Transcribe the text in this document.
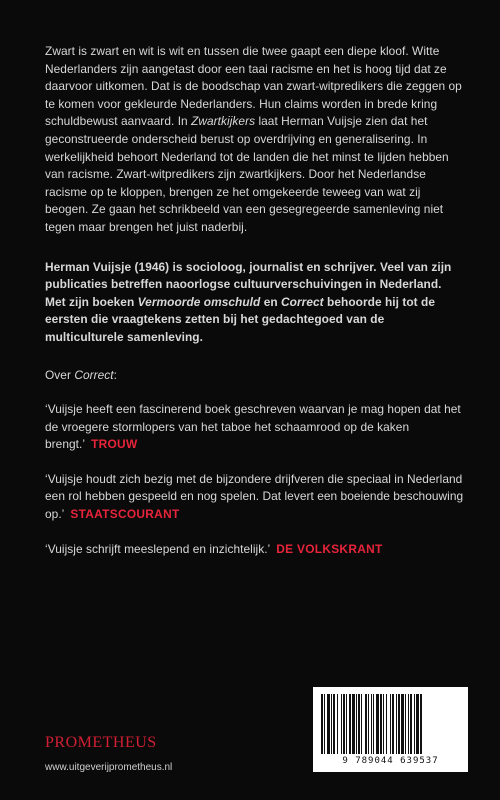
Zwart is zwart en wit is wit en tussen die twee gaapt een diepe kloof. Witte Nederlanders zijn aangetast door een taai racisme en het is hoog tijd dat ze daarvoor uitkomen. Dat is de boodschap van zwart-witpredikers die zeggen op te komen voor gekleurde Nederlanders. Hun claims worden in brede kring schuldbewust aanvaard. In Zwartkijkers laat Herman Vuijsje zien dat het geconstrueerde onderscheid berust op overdrijving en generalisering. In werkelijkheid behoort Nederland tot de landen die het minst te lijden hebben van racisme. Zwart-witpredikers zijn zwartkijkers. Door het Nederlandse racisme op te kloppen, brengen ze het omgekeerde teweeg van wat zij beogen. Ze gaan het schrikbeeld van een gesegregeerde samenleving niet tegen maar brengen het juist naderbij.

Herman Vuijsje (1946) is socioloog, journalist en schrijver. Veel van zijn publicaties betreffen naoorlogse cultuurverschuivingen in Nederland. Met zijn boeken Vermoorde omschuld en Correct behoorde hij tot de eersten die vraagtekens zetten bij het gedachtegoed van de multiculturele samenleving.

Over Correct:

‘Vuijsje heeft een fascinerend boek geschreven waarvan je mag hopen dat het de vroegere stormlopers van het taboe het schaamrood op de kaken brengt.’ TROUW

‘Vuijsje houdt zich bezig met de bijzondere drijfveren die speciaal in Nederland een rol hebben gespeeld en nog spelen. Dat levert een boeiende beschouwing op.’ STAATSCOURANT

‘Vuijsje schrijft meeslepend en inzichtelijk.’ DE VOLKSKRANT

PROMETHEUS
www.uitgeverijprometheus.nl
9 789044 639537
